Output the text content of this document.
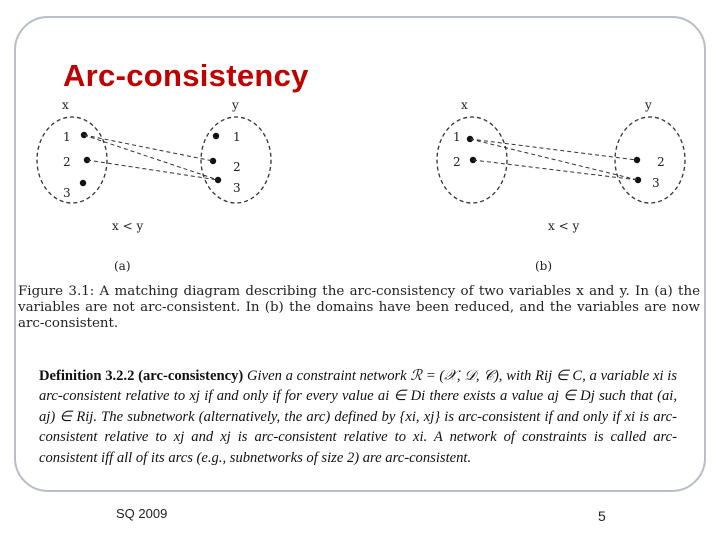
Arc-consistency
x	y
1
2
3
1
2
3
x < y
(a)
x	y
1
2	2
3
x < y
(b)
Figure 3.1: A matching diagram describing the arc-consistency of two variables x and y. In (a) the variables are not arc-consistent. In (b) the domains have been reduced, and the variables are now arc-consistent.
Definition 3.2.2 (arc-consistency) Given a constraint network ℛ = (𝒳, 𝒟, 𝒞), with Rij ∈ C, a variable xi is arc-consistent relative to xj if and only if for every value ai ∈ Di there exists a value aj ∈ Dj such that (ai, aj) ∈ Rij. The subnetwork (alternatively, the arc) defined by {xi, xj} is arc-consistent if and only if xi is arc-consistent relative to xj and xj is arc-consistent relative to xi. A network of constraints is called arc-consistent iff all of its arcs (e.g., subnetworks of size 2) are arc-consistent.
SQ 2009	5
